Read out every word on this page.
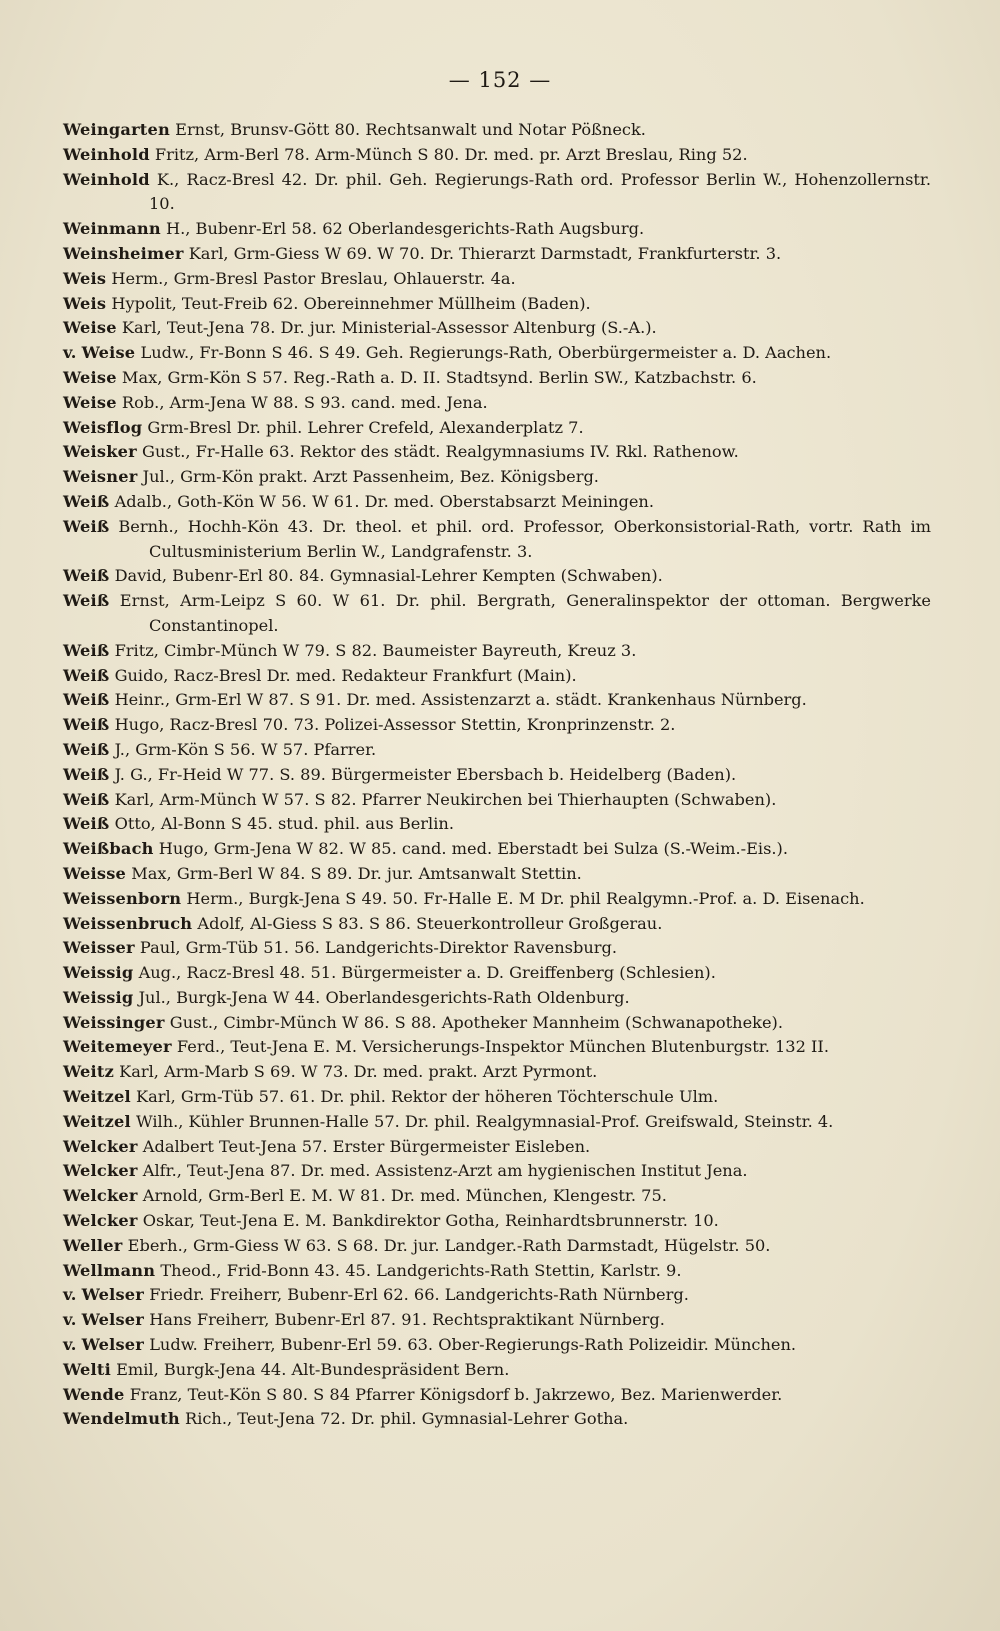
— 152 —
Weingarten Ernst, Brunsv-Gött 80. Rechtsanwalt und Notar Pößneck.
Weinhold Fritz, Arm-Berl 78. Arm-Münch S 80. Dr. med. pr. Arzt Breslau, Ring 52.
Weinhold K., Racz-Bresl 42. Dr. phil. Geh. Regierungs-Rath ord. Professor Berlin W., Hohenzollernstr. 10.
Weinmann H., Bubenr-Erl 58. 62 Oberlandesgerichts-Rath Augsburg.
Weinsheimer Karl, Grm-Giess W 69. W 70. Dr. Thierarzt Darmstadt, Frankfurterstr. 3.
Weis Herm., Grm-Bresl Pastor Breslau, Ohlauerstr. 4a.
Weis Hypolit, Teut-Freib 62. Obereinnehmer Müllheim (Baden).
Weise Karl, Teut-Jena 78. Dr. jur. Ministerial-Assessor Altenburg (S.-A.).
v. Weise Ludw., Fr-Bonn S 46. S 49. Geh. Regierungs-Rath, Oberbürgermeister a. D. Aachen.
Weise Max, Grm-Kön S 57. Reg.-Rath a. D. II. Stadtsynd. Berlin SW., Katzbachstr. 6.
Weise Rob., Arm-Jena W 88. S 93. cand. med. Jena.
Weisflog Grm-Bresl Dr. phil. Lehrer Crefeld, Alexanderplatz 7.
Weisker Gust., Fr-Halle 63. Rektor des städt. Realgymnasiums IV. Rkl. Rathenow.
Weisner Jul., Grm-Kön prakt. Arzt Passenheim, Bez. Königsberg.
Weiß Adalb., Goth-Kön W 56. W 61. Dr. med. Oberstabsarzt Meiningen.
Weiß Bernh., Hochh-Kön 43. Dr. theol. et phil. ord. Professor, Oberkonsistorial-Rath, vortr. Rath im Cultusministerium Berlin W., Landgrafenstr. 3.
Weiß David, Bubenr-Erl 80. 84. Gymnasial-Lehrer Kempten (Schwaben).
Weiß Ernst, Arm-Leipz S 60. W 61. Dr. phil. Bergrath, Generalinspektor der ottoman. Bergwerke Constantinopel.
Weiß Fritz, Cimbr-Münch W 79. S 82. Baumeister Bayreuth, Kreuz 3.
Weiß Guido, Racz-Bresl Dr. med. Redakteur Frankfurt (Main).
Weiß Heinr., Grm-Erl W 87. S 91. Dr. med. Assistenzarzt a. städt. Krankenhaus Nürnberg.
Weiß Hugo, Racz-Bresl 70. 73. Polizei-Assessor Stettin, Kronprinzenstr. 2.
Weiß J., Grm-Kön S 56. W 57. Pfarrer.
Weiß J. G., Fr-Heid W 77. S. 89. Bürgermeister Ebersbach b. Heidelberg (Baden).
Weiß Karl, Arm-Münch W 57. S 82. Pfarrer Neukirchen bei Thierhaupten (Schwaben).
Weiß Otto, Al-Bonn S 45. stud. phil. aus Berlin.
Weißbach Hugo, Grm-Jena W 82. W 85. cand. med. Eberstadt bei Sulza (S.-Weim.-Eis.).
Weisse Max, Grm-Berl W 84. S 89. Dr. jur. Amtsanwalt Stettin.
Weissenborn Herm., Burgk-Jena S 49. 50. Fr-Halle E. M Dr. phil Realgymn.-Prof. a. D. Eisenach.
Weissenbruch Adolf, Al-Giess S 83. S 86. Steuerkontrolleur Großgerau.
Weisser Paul, Grm-Tüb 51. 56. Landgerichts-Direktor Ravensburg.
Weissig Aug., Racz-Bresl 48. 51. Bürgermeister a. D. Greiffenberg (Schlesien).
Weissig Jul., Burgk-Jena W 44. Oberlandesgerichts-Rath Oldenburg.
Weissinger Gust., Cimbr-Münch W 86. S 88. Apotheker Mannheim (Schwanapotheke).
Weitemeyer Ferd., Teut-Jena E. M. Versicherungs-Inspektor München Blutenburgstr. 132 II.
Weitz Karl, Arm-Marb S 69. W 73. Dr. med. prakt. Arzt Pyrmont.
Weitzel Karl, Grm-Tüb 57. 61. Dr. phil. Rektor der höheren Töchterschule Ulm.
Weitzel Wilh., Kühler Brunnen-Halle 57. Dr. phil. Realgymnasial-Prof. Greifswald, Steinstr. 4.
Welcker Adalbert Teut-Jena 57. Erster Bürgermeister Eisleben.
Welcker Alfr., Teut-Jena 87. Dr. med. Assistenz-Arzt am hygienischen Institut Jena.
Welcker Arnold, Grm-Berl E. M. W 81. Dr. med. München, Klengestr. 75.
Welcker Oskar, Teut-Jena E. M. Bankdirektor Gotha, Reinhardtsbrunnerstr. 10.
Weller Eberh., Grm-Giess W 63. S 68. Dr. jur. Landger.-Rath Darmstadt, Hügelstr. 50.
Wellmann Theod., Frid-Bonn 43. 45. Landgerichts-Rath Stettin, Karlstr. 9.
v. Welser Friedr. Freiherr, Bubenr-Erl 62. 66. Landgerichts-Rath Nürnberg.
v. Welser Hans Freiherr, Bubenr-Erl 87. 91. Rechtspraktikant Nürnberg.
v. Welser Ludw. Freiherr, Bubenr-Erl 59. 63. Ober-Regierungs-Rath Polizeidir. München.
Welti Emil, Burgk-Jena 44. Alt-Bundespräsident Bern.
Wende Franz, Teut-Kön S 80. S 84 Pfarrer Königsdorf b. Jakrzewo, Bez. Marienwerder.
Wendelmuth Rich., Teut-Jena 72. Dr. phil. Gymnasial-Lehrer Gotha.
